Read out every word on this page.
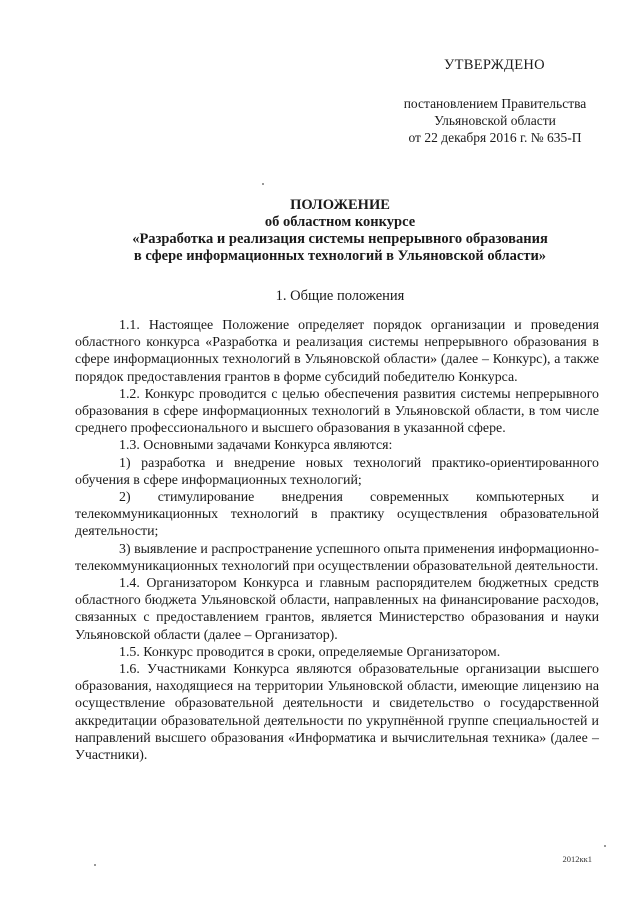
УТВЕРЖДЕНО
постановлением Правительства
Ульяновской области
от 22 декабря 2016 г. № 635-П
ПОЛОЖЕНИЕ
об областном конкурсе
«Разработка и реализация системы непрерывного образования
в сфере информационных технологий в Ульяновской области»
1. Общие положения

1.1. Настоящее Положение определяет порядок организации и проведения областного конкурса «Разработка и реализация системы непрерывного образования в сфере информационных технологий в Ульяновской области» (далее – Конкурс), а также порядок предоставления грантов в форме субсидий победителю Конкурса.

1.2. Конкурс проводится с целью обеспечения развития системы непрерывного образования в сфере информационных технологий в Ульяновской области, в том числе среднего профессионального и высшего образования в указанной сфере.

1.3. Основными задачами Конкурса являются:

1) разработка и внедрение новых технологий практико-ориентированного обучения в сфере информационных технологий;

2) стимулирование внедрения современных компьютерных и телекоммуникационных технологий в практику осуществления образовательной деятельности;

3) выявление и распространение успешного опыта применения информационно-телекоммуникационных технологий при осуществлении образовательной деятельности.

1.4. Организатором Конкурса и главным распорядителем бюджетных средств областного бюджета Ульяновской области, направленных на финансирование расходов, связанных с предоставлением грантов, является Министерство образования и науки Ульяновской области (далее – Организатор).

1.5. Конкурс проводится в сроки, определяемые Организатором.

1.6. Участниками Конкурса являются образовательные организации высшего образования, находящиеся на территории Ульяновской области, имеющие лицензию на осуществление образовательной деятельности и свидетельство о государственной аккредитации образовательной деятельности по укрупнённой группе специальностей и направлений высшего образования «Информатика и вычислительная техника» (далее – Участники).

2012кк1
